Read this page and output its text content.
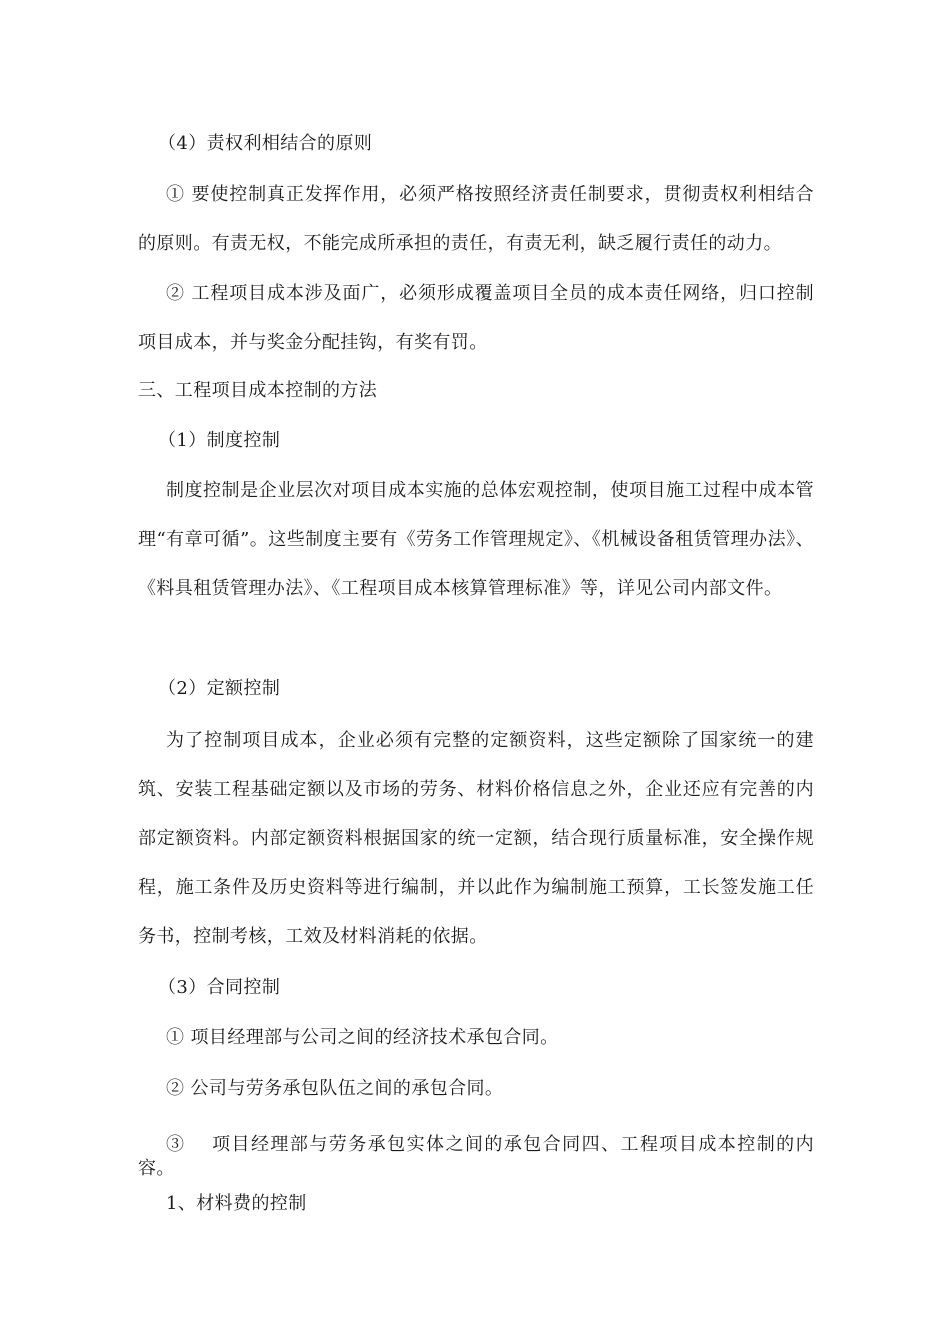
（4）责权利相结合的原则
① 要使控制真正发挥作用，必须严格按照经济责任制要求，贯彻责权利相结合的原则。有责无权，不能完成所承担的责任，有责无利，缺乏履行责任的动力。
② 工程项目成本涉及面广，必须形成覆盖项目全员的成本责任网络，归口控制项目成本，并与奖金分配挂钩，有奖有罚。
三、工程项目成本控制的方法
（1）制度控制
制度控制是企业层次对项目成本实施的总体宏观控制，使项目施工过程中成本管理“有章可循”。这些制度主要有《劳务工作管理规定》、《机械设备租赁管理办法》、《料具租赁管理办法》、《工程项目成本核算管理标准》等，详见公司内部文件。
（2）定额控制
为了控制项目成本，企业必须有完整的定额资料，这些定额除了国家统一的建筑、安装工程基础定额以及市场的劳务、材料价格信息之外，企业还应有完善的内部定额资料。内部定额资料根据国家的统一定额，结合现行质量标准，安全操作规程，施工条件及历史资料等进行编制，并以此作为编制施工预算，工长签发施工任务书，控制考核，工效及材料消耗的依据。
（3）合同控制
① 项目经理部与公司之间的经济技术承包合同。
② 公司与劳务承包队伍之间的承包合同。
③　 项目经理部与劳务承包实体之间的承包合同四、工程项目成本控制的内容。
1、材料费的控制
